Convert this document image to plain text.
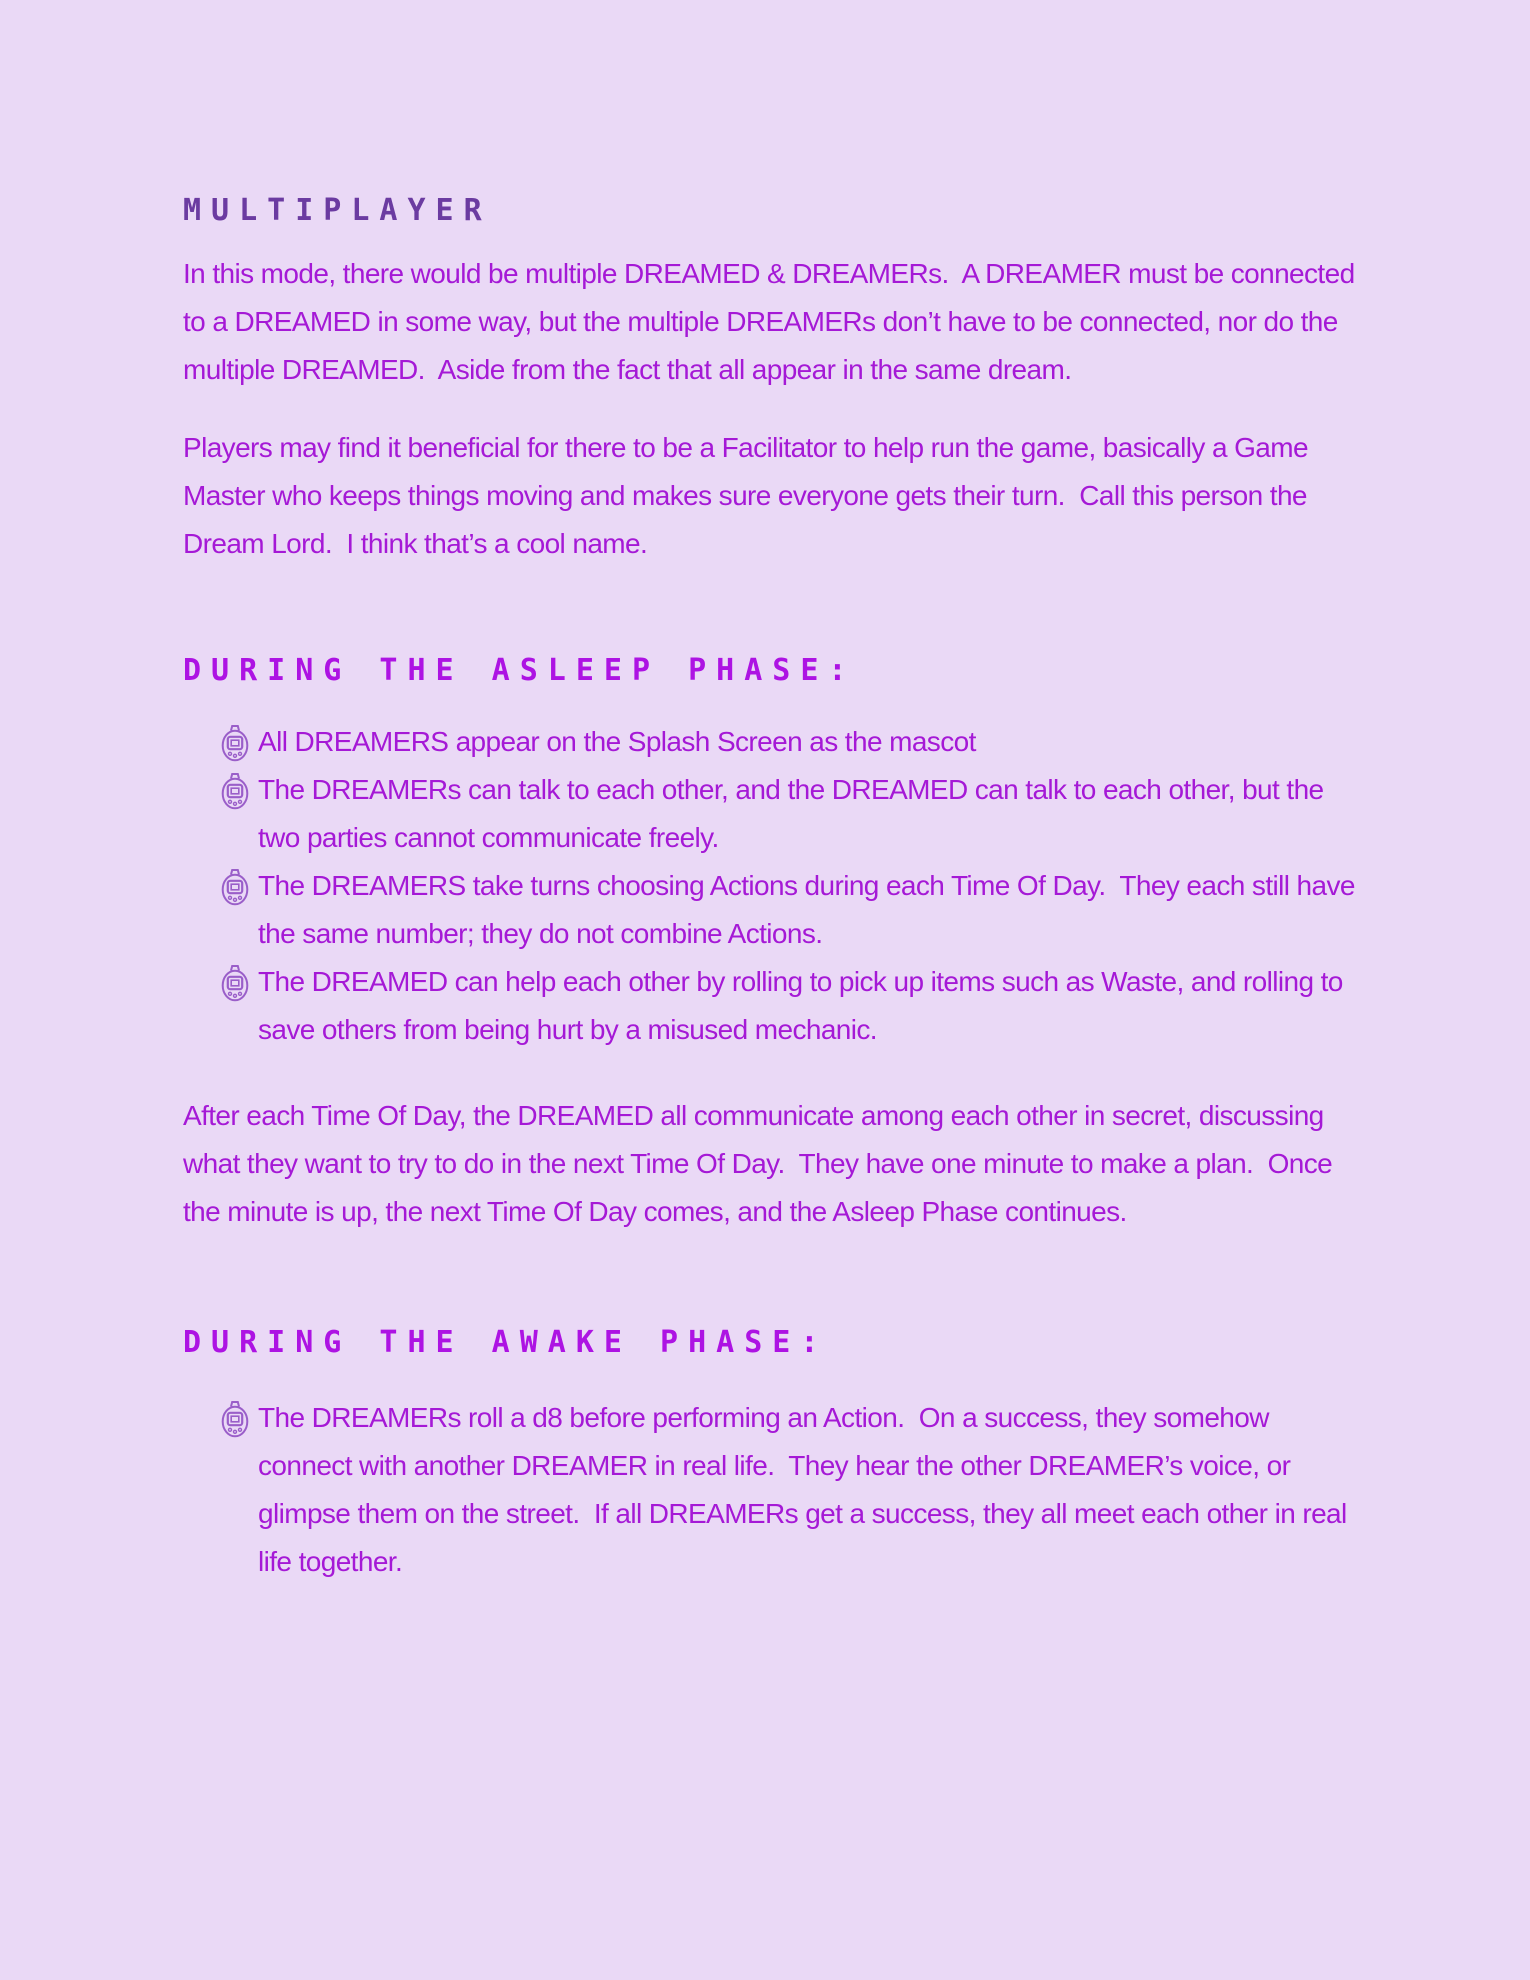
MULTIPLAYER

In this mode, there would be multiple DREAMED & DREAMERs.  A DREAMER must be connected to a DREAMED in some way, but the multiple DREAMERs don’t have to be connected, nor do the multiple DREAMED.  Aside from the fact that all appear in the same dream.

Players may find it beneficial for there to be a Facilitator to help run the game, basically a Game Master who keeps things moving and makes sure everyone gets their turn.  Call this person the Dream Lord.  I think that’s a cool name.

DURING THE ASLEEP PHASE:
All DREAMERS appear on the Splash Screen as the mascot
The DREAMERs can talk to each other, and the DREAMED can talk to each other, but the two parties cannot communicate freely.
The DREAMERS take turns choosing Actions during each Time Of Day.  They each still have the same number; they do not combine Actions.
The DREAMED can help each other by rolling to pick up items such as Waste, and rolling to save others from being hurt by a misused mechanic.

After each Time Of Day, the DREAMED all communicate among each other in secret, discussing what they want to try to do in the next Time Of Day.  They have one minute to make a plan.  Once the minute is up, the next Time Of Day comes, and the Asleep Phase continues.

DURING THE AWAKE PHASE:
The DREAMERs roll a d8 before performing an Action.  On a success, they somehow connect with another DREAMER in real life.  They hear the other DREAMER’s voice, or glimpse them on the street.  If all DREAMERs get a success, they all meet each other in real life together.
